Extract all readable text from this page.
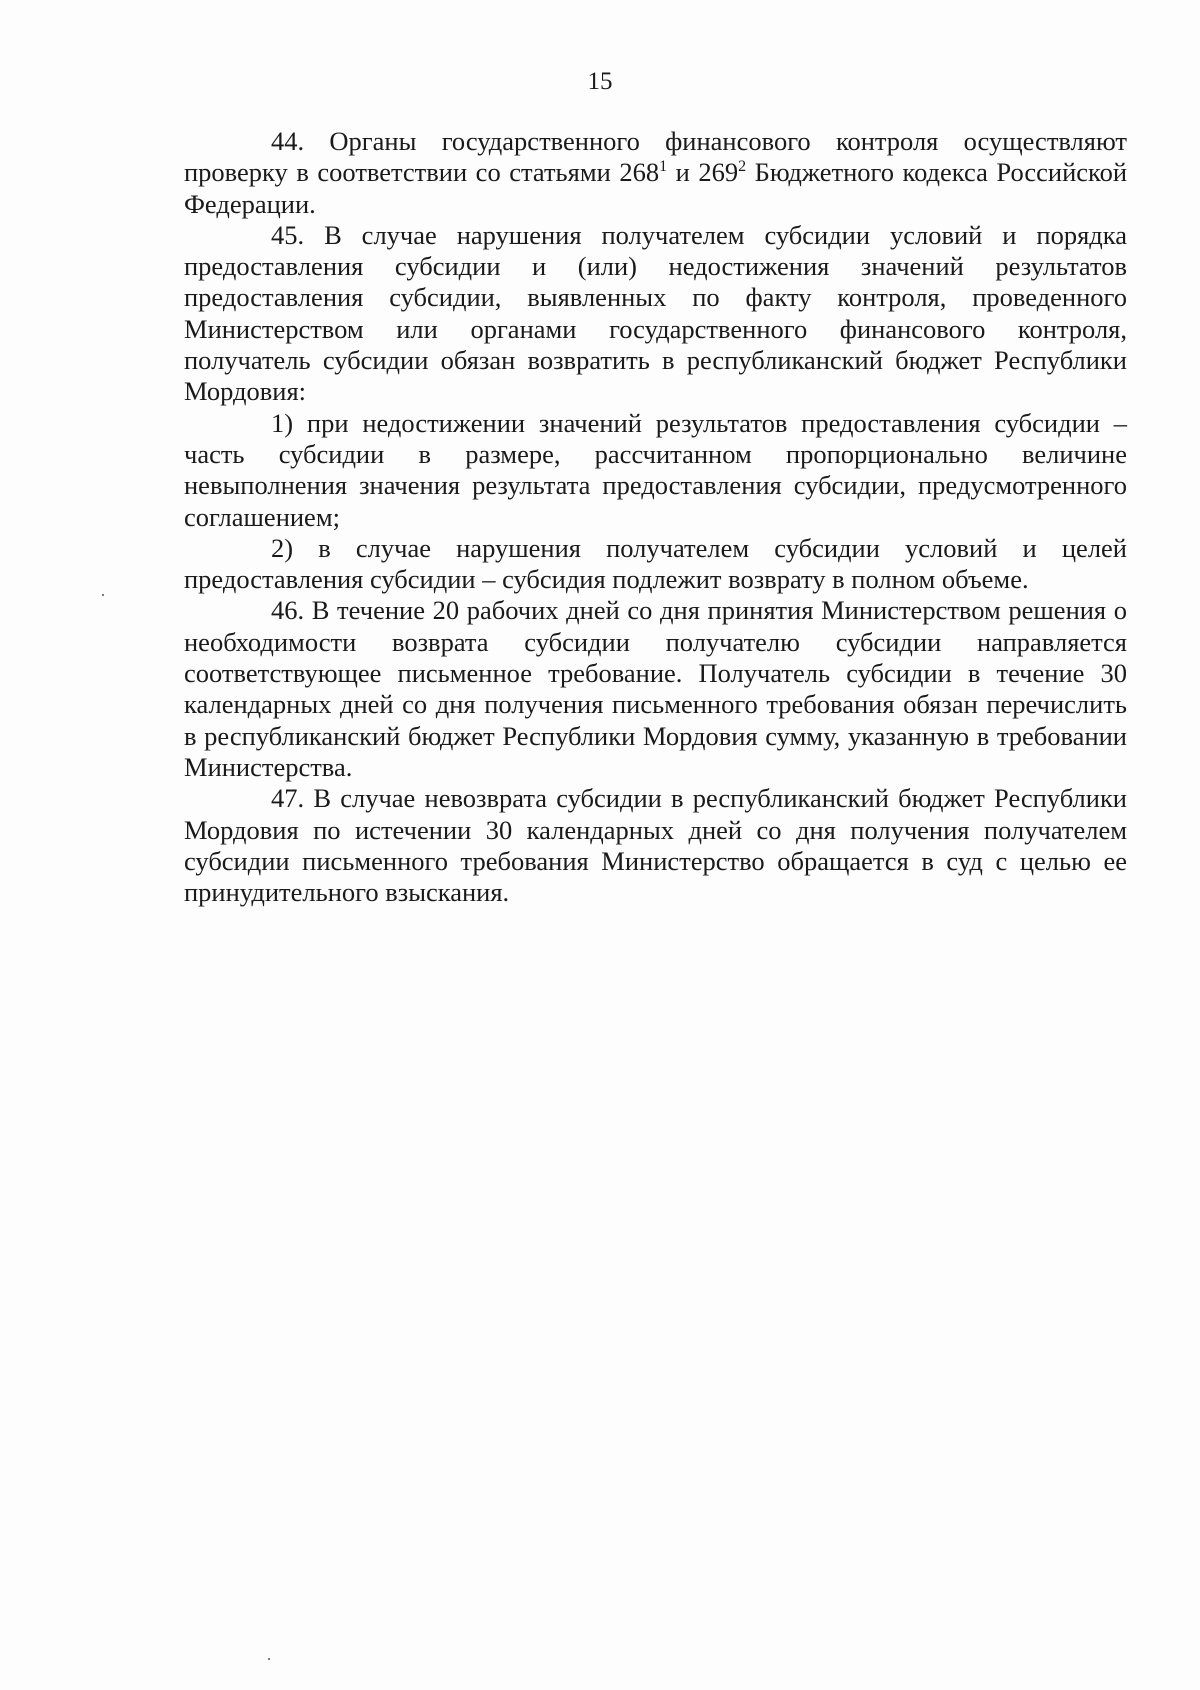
15

44. Органы государственного финансового контроля осуществляют проверку в соответствии со статьями $268^1$ и $269^2$ Бюджетного кодекса Российской Федерации.

45. В случае нарушения получателем субсидии условий и порядка предоставления субсидии и (или) недостижения значений результатов предоставления субсидии, выявленных по факту контроля, проведенного Министерством или органами государственного финансового контроля, получатель субсидии обязан возвратить в республиканский бюджет Республики Мордовия:

1) при недостижении значений результатов предоставления субсидии – часть субсидии в размере, рассчитанном пропорционально величине невыполнения значения результата предоставления субсидии, предусмотренного соглашением;

2) в случае нарушения получателем субсидии условий и целей предоставления субсидии – субсидия подлежит возврату в полном объеме.

46. В течение 20 рабочих дней со дня принятия Министерством решения о необходимости возврата субсидии получателю субсидии направляется соответствующее письменное требование. Получатель субсидии в течение 30 календарных дней со дня получения письменного требования обязан перечислить в республиканский бюджет Республики Мордовия сумму, указанную в требовании Министерства.

47. В случае невозврата субсидии в республиканский бюджет Республики Мордовия по истечении 30 календарных дней со дня получения получателем субсидии письменного требования Министерство обращается в суд с целью ее принудительного взыскания.
